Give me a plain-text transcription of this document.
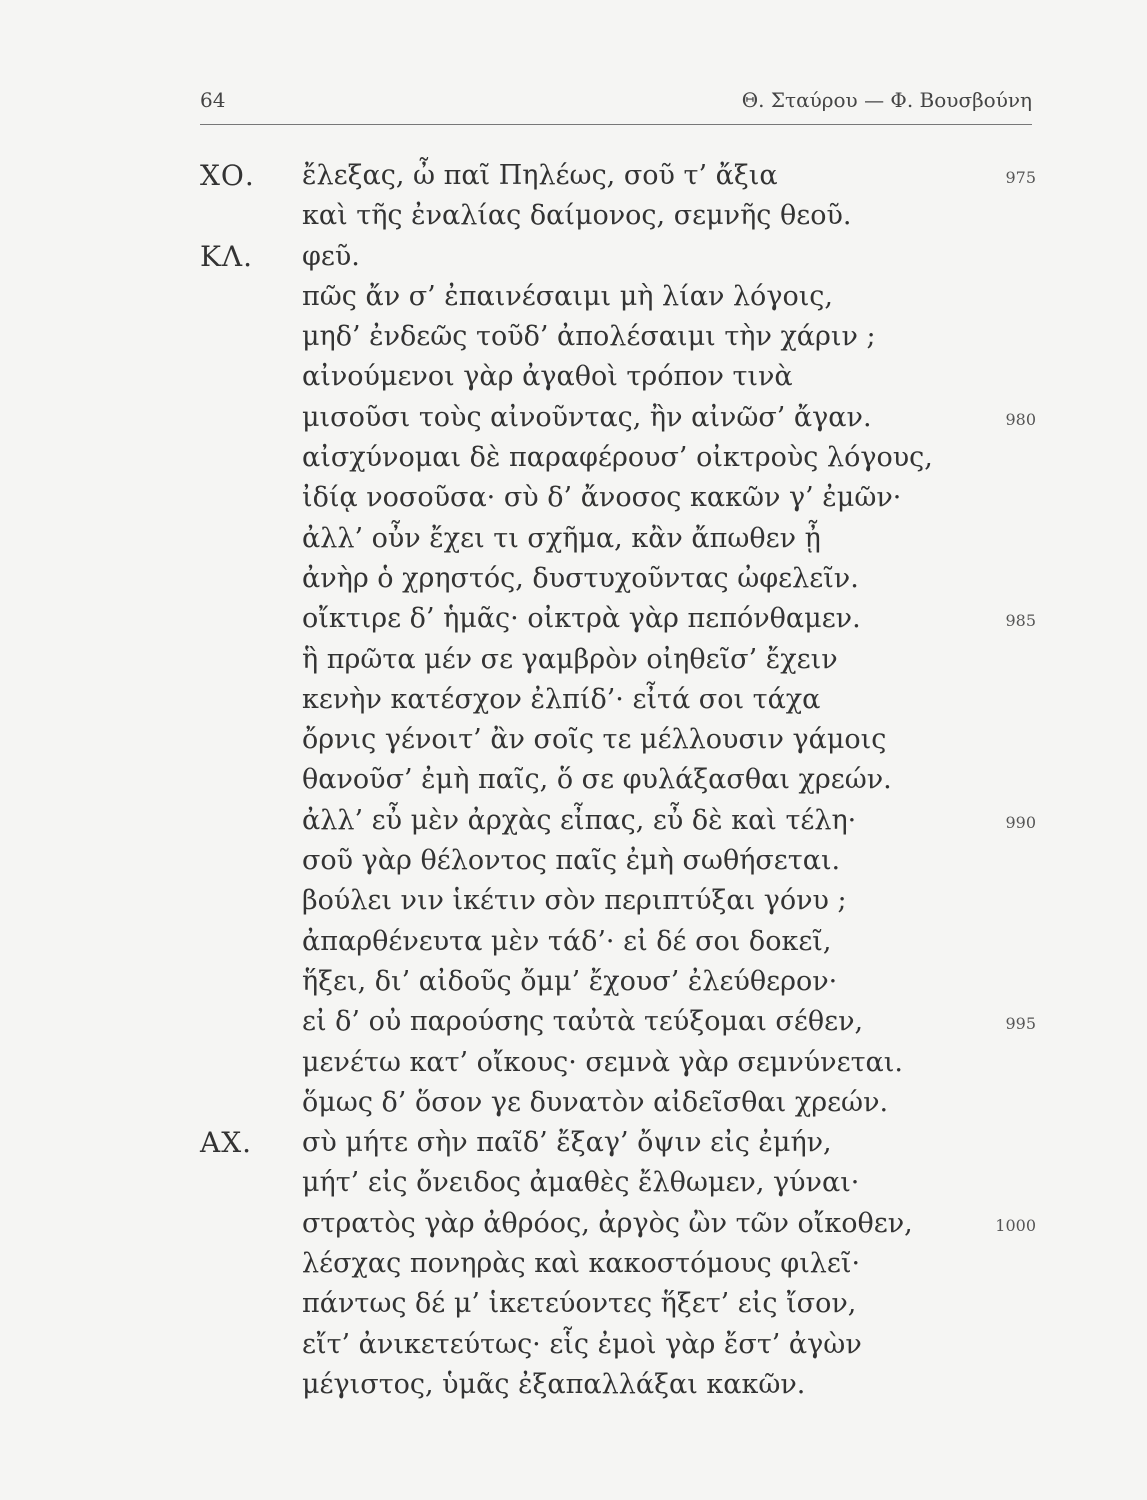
64	Θ. Σταύρου — Φ. Βουσβούνη
ΧΟ. ἔλεξας, ὦ παῖ Πηλέως, σοῦ τ’ ἄξια	975
καὶ τῆς ἐναλίας δαίμονος, σεμνῆς θεοῦ.
ΚΛ. φεῦ.
πῶς ἄν σ’ ἐπαινέσαιμι μὴ λίαν λόγοις,
μηδ’ ἐνδεῶς τοῦδ’ ἀπολέσαιμι τὴν χάριν ;
αἰνούμενοι γὰρ ἀγαθοὶ τρόπον τινὰ
μισοῦσι τοὺς αἰνοῦντας, ἢν αἰνῶσ’ ἄγαν.	980
αἰσχύνομαι δὲ παραφέρουσ’ οἰκτροὺς λόγους,
ἰδίᾳ νοσοῦσα· σὺ δ’ ἄνοσος κακῶν γ’ ἐμῶν·
ἀλλ’ οὖν ἔχει τι σχῆμα, κἂν ἄπωθεν ᾖ
ἀνὴρ ὁ χρηστός, δυστυχοῦντας ὠφελεῖν.
οἴκτιρε δ’ ἡμᾶς· οἰκτρὰ γὰρ πεπόνθαμεν.	985
ἣ πρῶτα μέν σε γαμβρὸν οἰηθεῖσ’ ἔχειν
κενὴν κατέσχον ἐλπίδ’· εἶτά σοι τάχα
ὄρνις γένοιτ’ ἂν σοῖς τε μέλλουσιν γάμοις
θανοῦσ’ ἐμὴ παῖς, ὅ σε φυλάξασθαι χρεών.
ἀλλ’ εὖ μὲν ἀρχὰς εἶπας, εὖ δὲ καὶ τέλη·	990
σοῦ γὰρ θέλοντος παῖς ἐμὴ σωθήσεται.
βούλει νιν ἱκέτιν σὸν περιπτύξαι γόνυ ;
ἀπαρθένευτα μὲν τάδ’· εἰ δέ σοι δοκεῖ,
ἥξει, δι’ αἰδοῦς ὄμμ’ ἔχουσ’ ἐλεύθερον·
εἰ δ’ οὐ παρούσης ταὐτὰ τεύξομαι σέθεν,	995
μενέτω κατ’ οἴκους· σεμνὰ γὰρ σεμνύνεται.
ὅμως δ’ ὅσον γε δυνατὸν αἰδεῖσθαι χρεών.
ΑΧ. σὺ μήτε σὴν παῖδ’ ἔξαγ’ ὄψιν εἰς ἐμήν,
μήτ’ εἰς ὄνειδος ἀμαθὲς ἔλθωμεν, γύναι·
στρατὸς γὰρ ἀθρόος, ἀργὸς ὢν τῶν οἴκοθεν,	1000
λέσχας πονηρὰς καὶ κακοστόμους φιλεῖ·
πάντως δέ μ’ ἱκετεύοντες ἥξετ’ εἰς ἴσον,
εἴτ’ ἀνικετεύτως· εἷς ἐμοὶ γὰρ ἔστ’ ἀγὼν
μέγιστος, ὑμᾶς ἐξαπαλλάξαι κακῶν.
